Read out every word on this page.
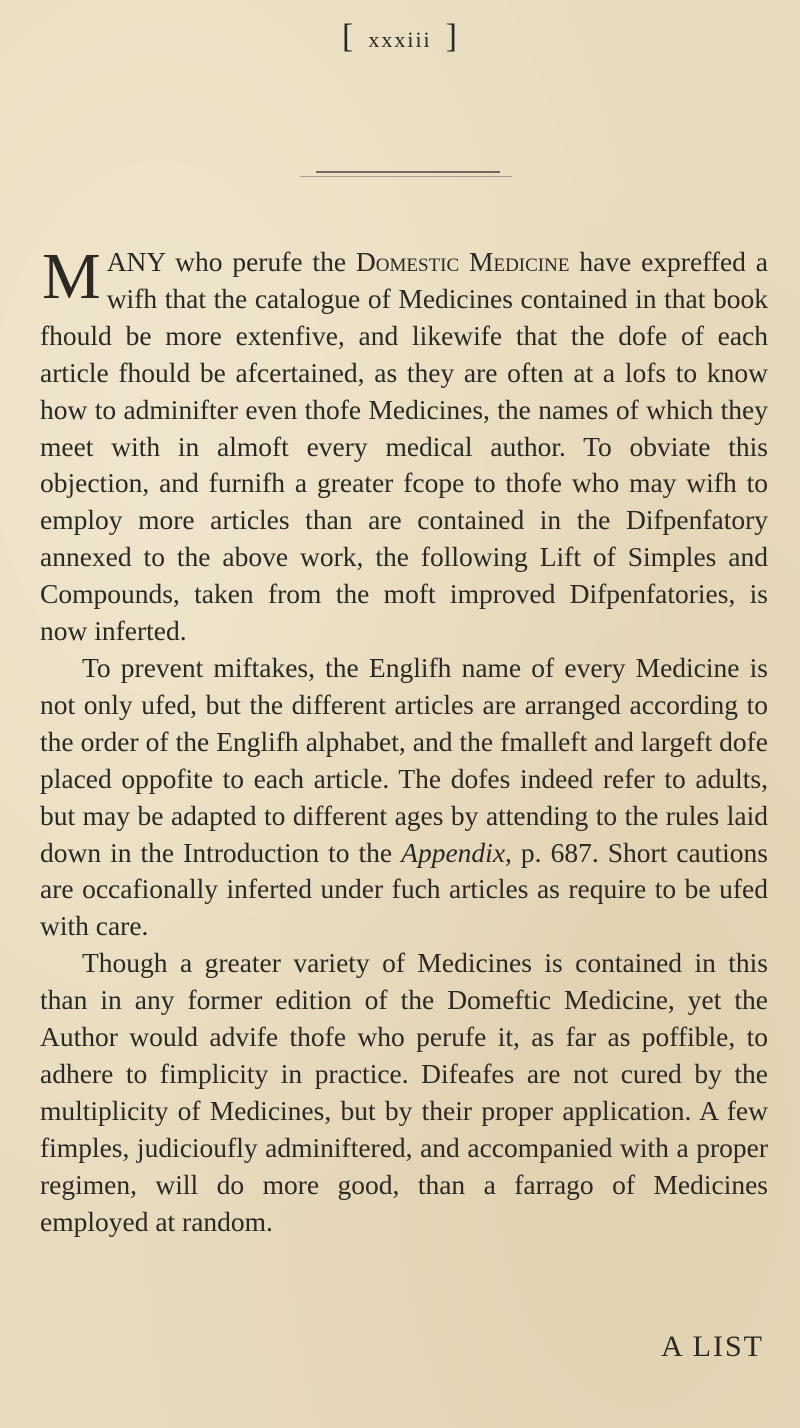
[ xxxiii ]

MANY who perufe the Domestic Medicine have expreffed a wifh that the catalogue of Medicines contained in that book fhould be more extenfive, and likewife that the dofe of each article fhould be afcertained, as they are often at a lofs to know how to adminifter even thofe Medicines, the names of which they meet with in almoft every medical author. To obviate this objection, and furnifh a greater fcope to thofe who may wifh to employ more articles than are contained in the Difpenfatory annexed to the above work, the following Lift of Simples and Compounds, taken from the moft improved Difpenfatories, is now inferted.

To prevent miftakes, the Englifh name of every Medicine is not only ufed, but the different articles are arranged according to the order of the Englifh alphabet, and the fmalleft and largeft dofe placed oppofite to each article. The dofes indeed refer to adults, but may be adapted to different ages by attending to the rules laid down in the Introduction to the Appendix, p. 687. Short cautions are occafionally inferted under fuch articles as require to be ufed with care.

Though a greater variety of Medicines is contained in this than in any former edition of the Domeftic Medicine, yet the Author would advife thofe who perufe it, as far as poffible, to adhere to fimplicity in practice. Difeafes are not cured by the multiplicity of Medicines, but by their proper application. A few fimples, judicioufly adminiftered, and accompanied with a proper regimen, will do more good, than a farrago of Medicines employed at random.

A LIST
